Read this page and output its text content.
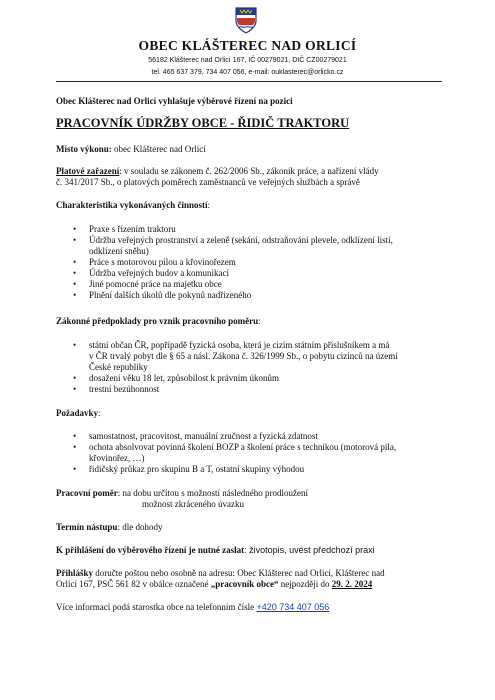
OBEC KLÁŠTEREC NAD ORLICÍ
56182 Klášterec nad Orlicí 167, IČ 00279021, DIČ CZ00279021
tel. 465 637 379, 734 407 056, e-mail: ouklasterec@orlicko.cz
Obec Klášterec nad Orlicí vyhlašuje výběrové řízení na pozici
PRACOVNÍK ÚDRŽBY OBCE - ŘIDIČ TRAKTORU
Místo výkonu: obec Klášterec nad Orlicí
Platové zařazení: v souladu se zákonem č. 262/2006 Sb., zákoník práce, a nařízení vlády
č. 341/2017 Sb., o platových poměrech zaměstnanců ve veřejných službách a správě
Charakteristika vykonávaných činností:
• Praxe s řízením traktoru
• Údržba veřejných prostranství a zeleně (sekání, odstraňování plevele, odklízení listí,
odklízení sněhu)
• Práce s motorovou pilou a křovinořezem
• Údržba veřejných budov a komunikací
• Jiné pomocné práce na majetku obce
• Plnění dalších úkolů dle pokynů nadřízeného
Zákonné předpoklady pro vznik pracovního poměru:
• státní občan ČR, popřípadě fyzická osoba, která je cizím státním příslušníkem a má
v ČR trvalý pobyt dle § 65 a násl. Zákona č. 326/1999 Sb., o pobytu cizinců na území
České republiky
• dosažení věku 18 let, způsobilost k právním úkonům
• trestní bezúhonnost
Požadavky:
• samostatnost, pracovitost, manuální zručnost a fyzická zdatnost
• ochota absolvovat povinná školení BOZP a školení práce s technikou (motorová pila,
křovinořez, …)
• řidičský průkaz pro skupinu B a T, ostatní skupiny výhodou
Pracovní poměr: na dobu určitou s možností následného prodloužení
možnost zkráceného úvazku
Termín nástupu: dle dohody
K přihlášení do výběrového řízení je nutné zaslat: životopis, uvést předchozí praxi
Přihlášky doručte poštou nebo osobně na adresu: Obec Klášterec nad Orlicí, Klášterec nad
Orlicí 167, PSČ 561 82 v obálce označené „pracovník obce“ nejpozději do 29. 2. 2024
Více informací podá starostka obce na telefonním čísle +420 734 407 056
